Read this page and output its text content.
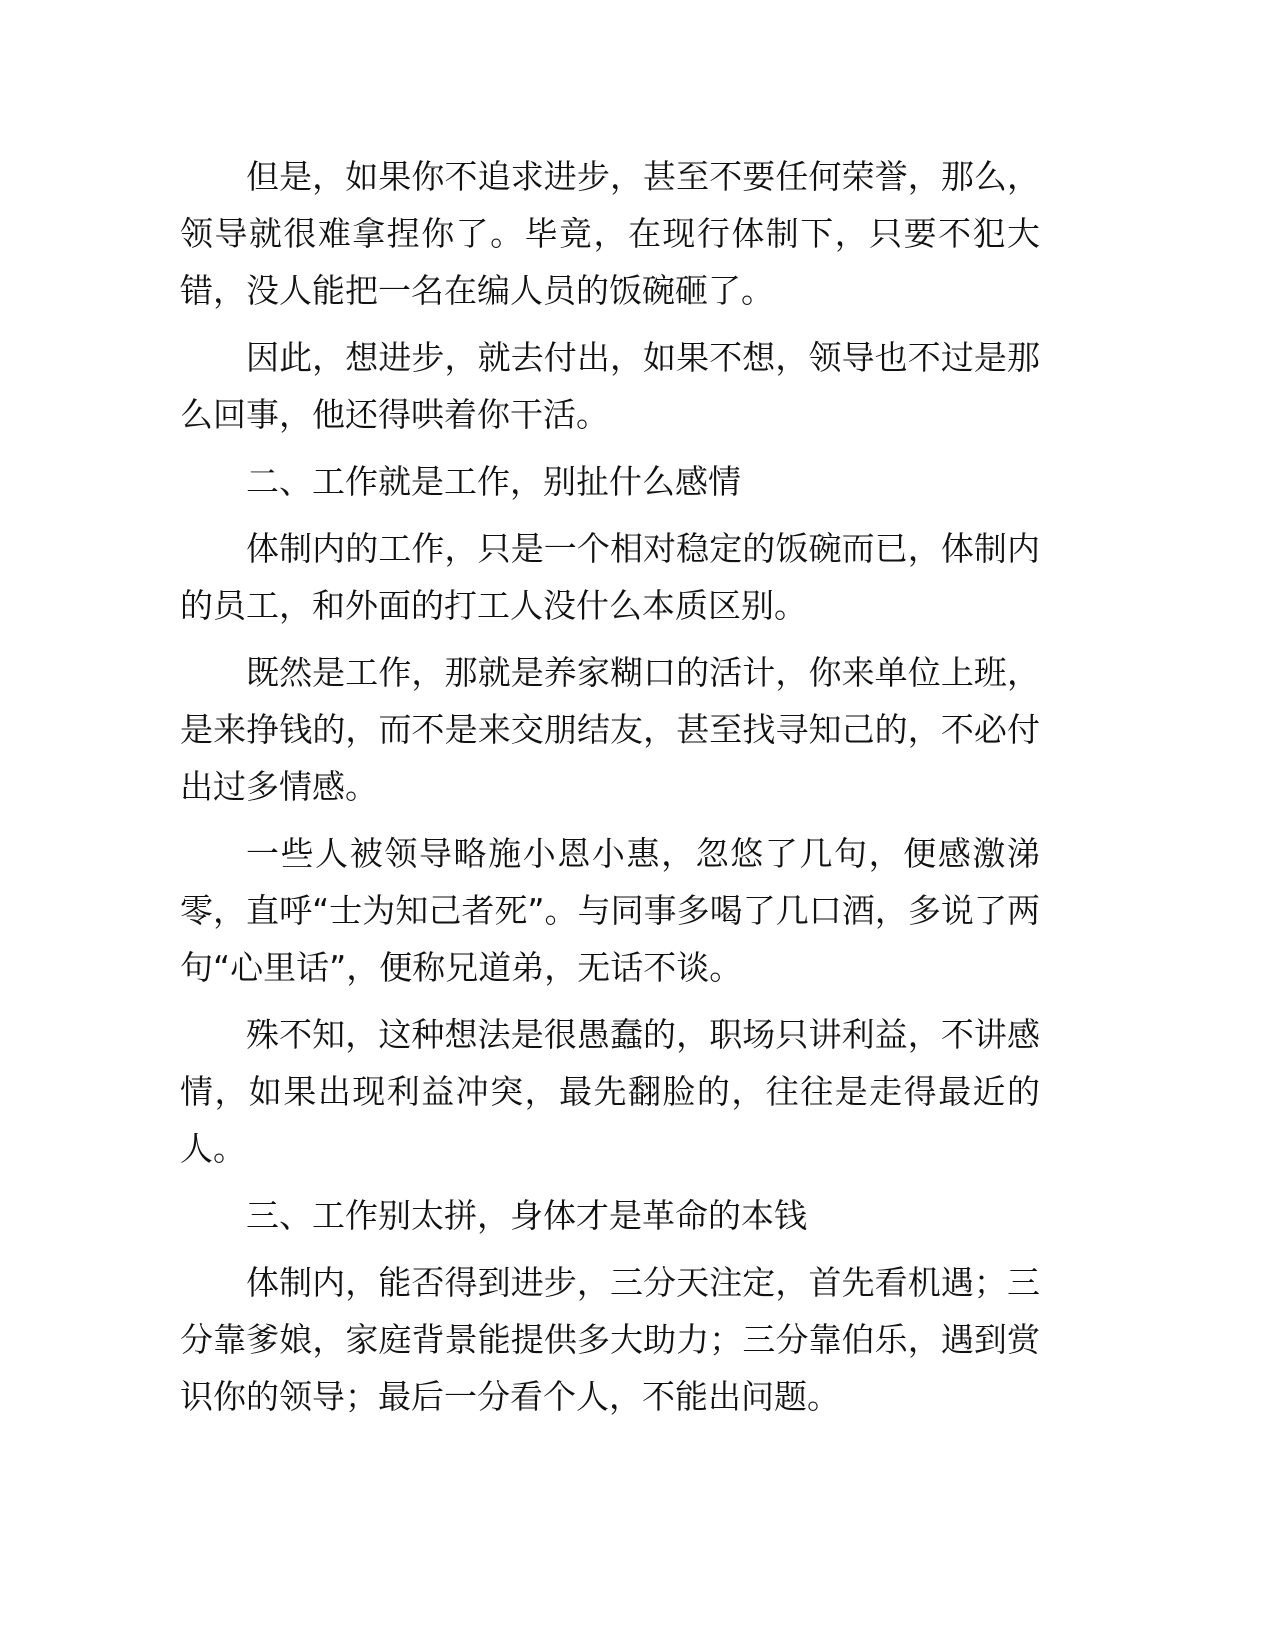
但是，如果你不追求进步，甚至不要任何荣誉，那么，领导就很难拿捏你了。毕竟，在现行体制下，只要不犯大错，没人能把一名在编人员的饭碗砸了。

因此，想进步，就去付出，如果不想，领导也不过是那么回事，他还得哄着你干活。

二、工作就是工作，别扯什么感情

体制内的工作，只是一个相对稳定的饭碗而已，体制内的员工，和外面的打工人没什么本质区别。

既然是工作，那就是养家糊口的活计，你来单位上班，是来挣钱的，而不是来交朋结友，甚至找寻知己的，不必付出过多情感。

一些人被领导略施小恩小惠，忽悠了几句，便感激涕零，直呼“士为知己者死”。与同事多喝了几口酒，多说了两句“心里话”，便称兄道弟，无话不谈。

殊不知，这种想法是很愚蠢的，职场只讲利益，不讲感情，如果出现利益冲突，最先翻脸的，往往是走得最近的人。

三、工作别太拼，身体才是革命的本钱

体制内，能否得到进步，三分天注定，首先看机遇；三分靠爹娘，家庭背景能提供多大助力；三分靠伯乐，遇到赏识你的领导；最后一分看个人，不能出问题。
